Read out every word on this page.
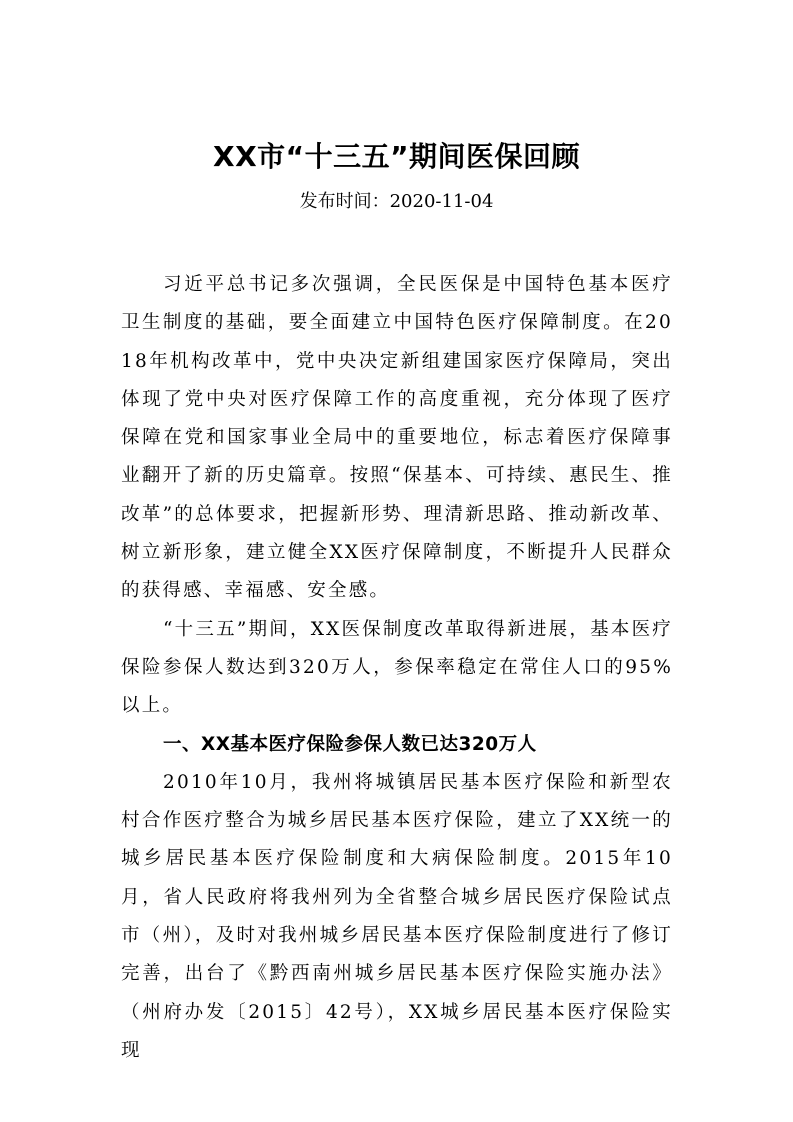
XX市“十三五”期间医保回顾

发布时间：2020-11-04

习近平总书记多次强调，全民医保是中国特色基本医疗卫生制度的基础，要全面建立中国特色医疗保障制度。在2018年机构改革中，党中央决定新组建国家医疗保障局，突出体现了党中央对医疗保障工作的高度重视，充分体现了医疗保障在党和国家事业全局中的重要地位，标志着医疗保障事业翻开了新的历史篇章。按照“保基本、可持续、惠民生、推改革”的总体要求，把握新形势、理清新思路、推动新改革、树立新形象，建立健全XX医疗保障制度，不断提升人民群众的获得感、幸福感、安全感。

“十三五”期间，XX医保制度改革取得新进展，基本医疗保险参保人数达到320万人，参保率稳定在常住人口的95%以上。

一、XX基本医疗保险参保人数已达320万人

2010年10月，我州将城镇居民基本医疗保险和新型农村合作医疗整合为城乡居民基本医疗保险，建立了XX统一的城乡居民基本医疗保险制度和大病保险制度。2015年10月，省人民政府将我州列为全省整合城乡居民医疗保险试点市（州），及时对我州城乡居民基本医疗保险制度进行了修订完善，出台了《黔西南州城乡居民基本医疗保险实施办法》（州府办发〔2015〕42号），XX城乡居民基本医疗保险实现
